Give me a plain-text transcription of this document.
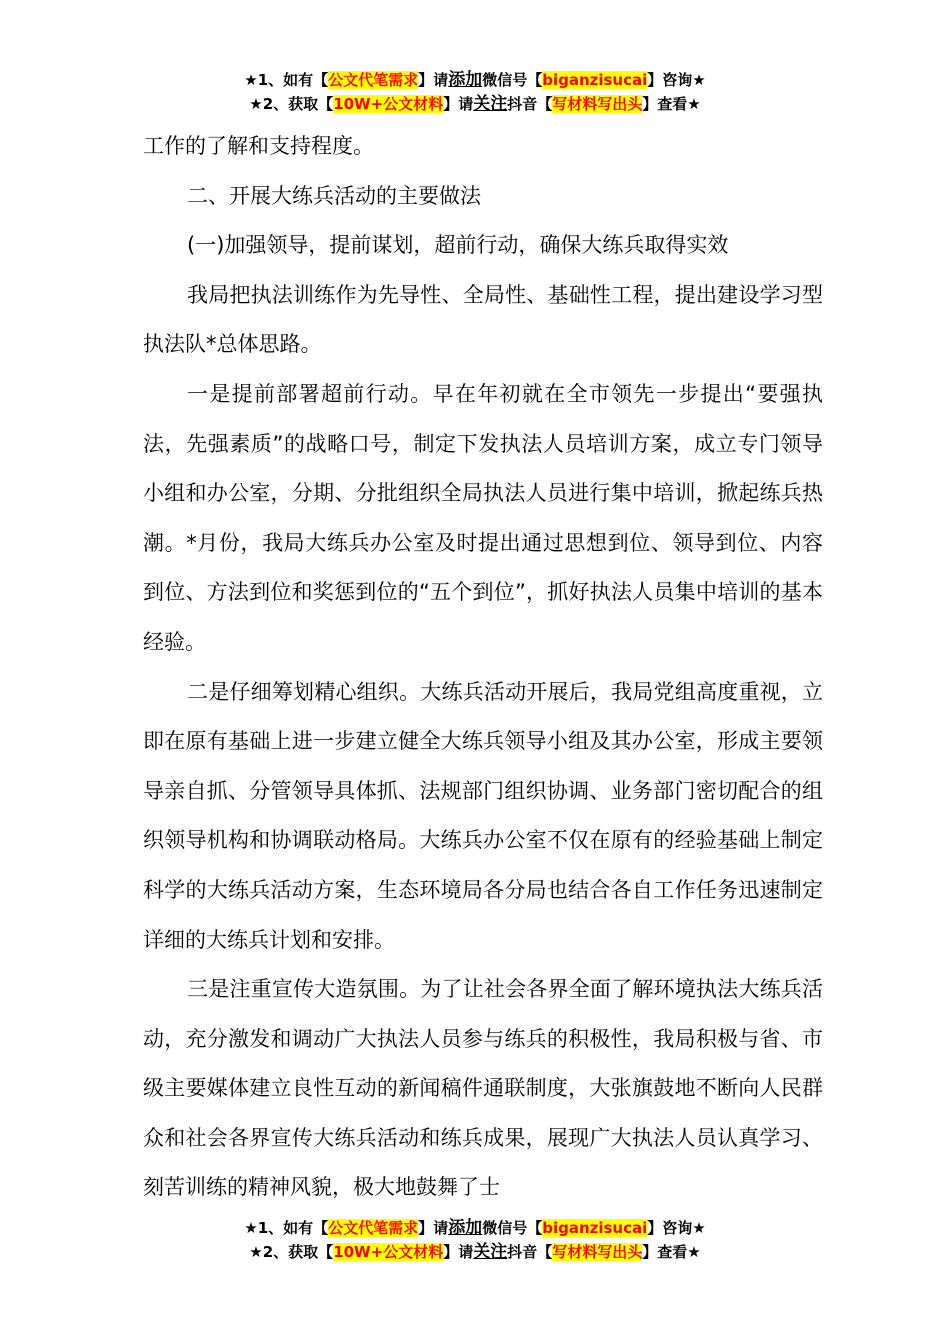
★1、如有【公文代笔需求】请添加微信号【biganzisucai】咨询★
★2、获取【10W+公文材料】请关注抖音【写材料写出头】查看★

工作的了解和支持程度。

二、开展大练兵活动的主要做法

(一)加强领导，提前谋划，超前行动，确保大练兵取得实效

我局把执法训练作为先导性、全局性、基础性工程，提出建设学习型执法队*总体思路。

一是提前部署超前行动。早在年初就在全市领先一步提出“要强执法，先强素质”的战略口号，制定下发执法人员培训方案，成立专门领导小组和办公室，分期、分批组织全局执法人员进行集中培训，掀起练兵热潮。*月份，我局大练兵办公室及时提出通过思想到位、领导到位、内容到位、方法到位和奖惩到位的“五个到位”，抓好执法人员集中培训的基本经验。

二是仔细筹划精心组织。大练兵活动开展后，我局党组高度重视，立即在原有基础上进一步建立健全大练兵领导小组及其办公室，形成主要领导亲自抓、分管领导具体抓、法规部门组织协调、业务部门密切配合的组织领导机构和协调联动格局。大练兵办公室不仅在原有的经验基础上制定科学的大练兵活动方案，生态环境局各分局也结合各自工作任务迅速制定详细的大练兵计划和安排。

三是注重宣传大造氛围。为了让社会各界全面了解环境执法大练兵活动，充分激发和调动广大执法人员参与练兵的积极性，我局积极与省、市级主要媒体建立良性互动的新闻稿件通联制度，大张旗鼓地不断向人民群众和社会各界宣传大练兵活动和练兵成果，展现广大执法人员认真学习、刻苦训练的精神风貌，极大地鼓舞了士

★1、如有【公文代笔需求】请添加微信号【biganzisucai】咨询★
★2、获取【10W+公文材料】请关注抖音【写材料写出头】查看★
